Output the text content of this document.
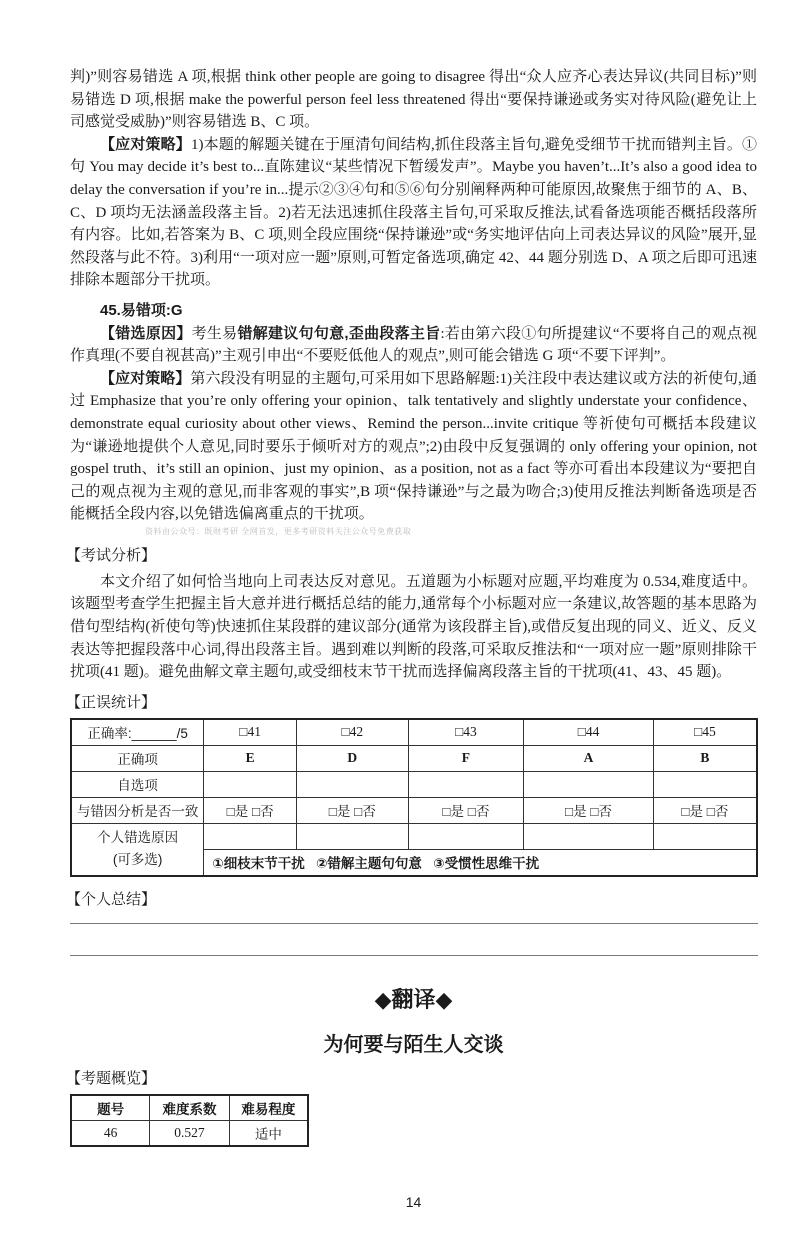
判)”则容易错选 A 项,根据 think other people are going to disagree 得出“众人应齐心表达异议(共同目标)”则易错选 D 项,根据 make the powerful person feel less threatened 得出“要保持谦逊或务实对待风险(避免让上司感觉受威胁)”则容易错选 B、C 项。

【应对策略】1)本题的解题关键在于厘清句间结构,抓住段落主旨句,避免受细节干扰而错判主旨。①句 You may decide it’s best to...直陈建议“某些情况下暂缓发声”。Maybe you haven’t...It’s also a good idea to delay the conversation if you’re in...提示②③④句和⑤⑥句分别阐释两种可能原因,故聚焦于细节的 A、B、C、D 项均无法涵盖段落主旨。2)若无法迅速抓住段落主旨句,可采取反推法,试看备选项能否概括段落所有内容。比如,若答案为 B、C 项,则全段应围绕“保持谦逊”或“务实地评估向上司表达异议的风险”展开,显然段落与此不符。3)利用“一项对应一题”原则,可暂定备选项,确定 42、44 题分别选 D、A 项之后即可迅速排除本题部分干扰项。

45.易错项:G

【错选原因】考生易错解建议句句意,歪曲段落主旨:若由第六段①句所提建议“不要将自己的观点视作真理(不要自视甚高)”主观引申出“不要贬低他人的观点”,则可能会错选 G 项“不要下评判”。

【应对策略】第六段没有明显的主题句,可采用如下思路解题:1)关注段中表达建议或方法的祈使句,通过 Emphasize that you’re only offering your opinion、talk tentatively and slightly understate your confidence、demonstrate equal curiosity about other views、Remind the person...invite critique 等祈使句可概括本段建议为“谦逊地提供个人意见,同时要乐于倾听对方的观点”;2)由段中反复强调的 only offering your opinion, not gospel truth、it’s still an opinion、just my opinion、as a position, not as a fact 等亦可看出本段建议为“要把自己的观点视为主观的意见,而非客观的事实”,B 项“保持谦逊”与之最为吻合;3)使用反推法判断备选项是否能概括全段内容,以免错选偏离重点的干扰项。

资料由公众号：既财考研 全网首发，更多考研资料关注公众号免费获取
【考试分析】

本文介绍了如何恰当地向上司表达反对意见。五道题为小标题对应题,平均难度为 0.534,难度适中。该题型考查学生把握主旨大意并进行概括总结的能力,通常每个小标题对应一条建议,故答题的基本思路为借句型结构(祈使句等)快速抓住某段群的建议部分(通常为该段群主旨),或借反复出现的同义、近义、反义表达等把握段落中心词,得出段落主旨。遇到难以判断的段落,可采取反推法和“一项对应一题”原则排除干扰项(41 题)。避免曲解文章主题句,或受细枝末节干扰而选择偏离段落主旨的干扰项(41、43、45 题)。

【正误统计】
正确率:______/5	□41	□42	□43	□44	□45
正确项	E	D	F	A	B
自选项					
与错因分析是否一致	□是 □否	□是 □否	□是 □否	□是 □否	□是 □否
个人错选原因
(可多选)					
	①细枝末节干扰 ②错解主题句句意 ③受惯性思维干扰				
【个人总结】
◆翻译◆
为何要与陌生人交谈
【考题概览】
题号	难度系数	难易程度
46	0.527	适中
14
